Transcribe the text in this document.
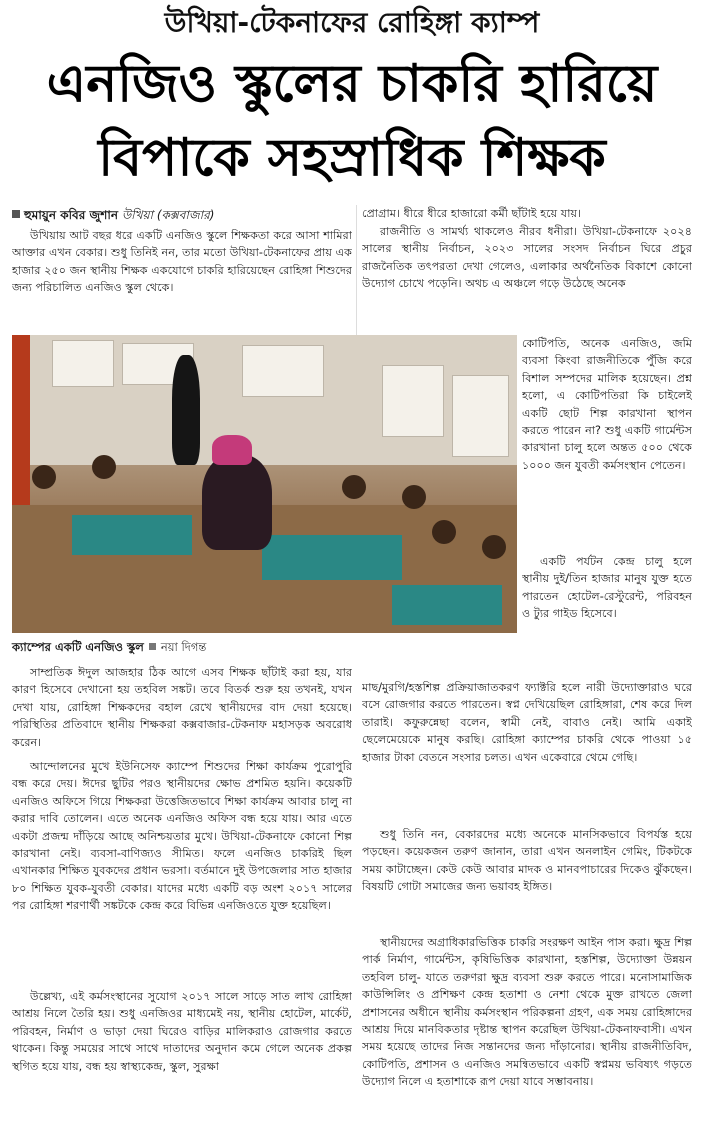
উখিয়া-টেকনাফের রোহিঙ্গা ক্যাম্প
এনজিও স্কুলের চাকরি হারিয়ে
বিপাকে সহস্রাধিক শিক্ষক
হুমায়ুন কবির জুশান উখিয়া (কক্সবাজার)
উখিয়ায় আট বছর ধরে একটি এনজিও স্কুলে শিক্ষকতা করে আসা শামিরা আক্তার এখন বেকার। শুধু তিনিই নন, তার মতো উখিয়া-টেকনাফের প্রায় এক হাজার ২৫০ জন স্থানীয় শিক্ষক একযোগে চাকরি হারিয়েছেন রোহিঙ্গা শিশুদের জন্য পরিচালিত এনজিও স্কুল থেকে।
প্রোগ্রাম। ধীরে ধীরে হাজারো কর্মী ছাঁটাই হয়ে যায়।
রাজনীতি ও সামর্থ্য থাকলেও নীরব ধনীরা। উখিয়া-টেকনাফে ২০২৪ সালের স্থানীয় নির্বাচন, ২০২৩ সালের সংসদ নির্বাচন ঘিরে প্রচুর রাজনৈতিক তৎপরতা দেখা গেলেও, এলাকার অর্থনৈতিক বিকাশে কোনো উদ্যোগ চোখে পড়েনি। অথচ এ অঞ্চলে গড়ে উঠেছে অনেক
কোটিপতি, অনেক এনজিও, জমি ব্যবসা কিংবা রাজনীতিকে পুঁজি করে বিশাল সম্পদের মালিক হয়েছেন। প্রশ্ন হলো, এ কোটিপতিরা কি চাইলেই একটি ছোট শিল্প কারখানা স্থাপন করতে পারেন না? শুধু একটি গার্মেন্টস কারখানা চালু হলে অন্তত ৫০০ থেকে ১০০০ জন যুবতী কর্মসংস্থান পেতেন।
একটি পর্যটন কেন্দ্র চালু হলে স্থানীয় দুই/তিন হাজার মানুষ যুক্ত হতে পারতেন হোটেল-রেস্টুরেন্ট, পরিবহন ও ট্যুর গাইড হিসেবে।
ক্যাম্পের একটি এনজিও স্কুল নয়া দিগন্ত
সাম্প্রতিক ঈদুল আজহার ঠিক আগে এসব শিক্ষক ছাঁটাই করা হয়, যার কারণ হিসেবে দেখানো হয় তহবিল সঙ্কট। তবে বিতর্ক শুরু হয় তখনই, যখন দেখা যায়, রোহিঙ্গা শিক্ষকদের বহাল রেখে স্থানীয়দের বাদ দেয়া হয়েছে। পরিস্থিতির প্রতিবাদে স্থানীয় শিক্ষকরা কক্সবাজার-টেকনাফ মহাসড়ক অবরোধ করেন।
আন্দোলনের মুখে ইউনিসেফ ক্যাম্পে শিশুদের শিক্ষা কার্যক্রম পুরোপুরি বন্ধ করে দেয়। ঈদের ছুটির পরও স্থানীয়দের ক্ষোভ প্রশমিত হয়নি। কয়েকটি এনজিও অফিসে গিয়ে শিক্ষকরা উত্তেজিতভাবে শিক্ষা কার্যক্রম আবার চালু না করার দাবি তোলেন। এতে অনেক এনজিও অফিস বন্ধ হয়ে যায়। আর এতে একটা প্রজন্ম দাঁড়িয়ে আছে অনিশ্চয়তার মুখে। উখিয়া-টেকনাফে কোনো শিল্প কারখানা নেই। ব্যবসা-বাণিজ্যও সীমিত। ফলে এনজিও চাকরিই ছিল এখানকার শিক্ষিত যুবকদের প্রধান ভরসা। বর্তমানে দুই উপজেলার সাত হাজার ৮০ শিক্ষিত যুবক-যুবতী বেকার। যাদের মধ্যে একটি বড় অংশ ২০১৭ সালের পর রোহিঙ্গা শরণার্থী সঙ্কটকে কেন্দ্র করে বিভিন্ন এনজিওতে যুক্ত হয়েছিল।
উল্লেখ্য, এই কর্মসংস্থানের সুযোগ ২০১৭ সালে সাড়ে সাত লাখ রোহিঙ্গা আশ্রয় নিলে তৈরি হয়। শুধু এনজিওর মাধ্যমেই নয়, স্থানীয় হোটেল, মার্কেট, পরিবহন, নির্মাণ ও ভাড়া দেয়া ঘিরেও বাড়ির মালিকরাও রোজগার করতে থাকেন। কিন্তু সময়ের সাথে সাথে দাতাদের অনুদান কমে গেলে অনেক প্রকল্প স্থগিত হয়ে যায়, বন্ধ হয় স্বাস্থ্যকেন্দ্র, স্কুল, সুরক্ষা
মাছ/মুরগি/হস্তশিল্প প্রক্রিয়াজাতকরণ ফ্যাক্টরি হলে নারী উদ্যোক্তারাও ঘরে বসে রোজগার করতে পারতেন। স্বপ্ন দেখিয়েছিল রোহিঙ্গারা, শেষ করে দিল তারাই। কফুরুন্নেছা বলেন, স্বামী নেই, বাবাও নেই। আমি একাই ছেলেমেয়েকে মানুষ করছি। রোহিঙ্গা ক্যাম্পের চাকরি থেকে পাওয়া ১৫ হাজার টাকা বেতনে সংসার চলত। এখন একেবারে থেমে গেছি।
শুধু তিনি নন, বেকারদের মধ্যে অনেকে মানসিকভাবে বিপর্যস্ত হয়ে পড়ছেন। কয়েকজন তরুণ জানান, তারা এখন অনলাইন গেমিং, টিকটকে সময় কাটাচ্ছেন। কেউ কেউ আবার মাদক ও মানবপাচারের দিকেও ঝুঁকছেন। বিষয়টি গোটা সমাজের জন্য ভয়াবহ ইঙ্গিত।
স্থানীয়দের অগ্রাধিকারভিত্তিক চাকরি সংরক্ষণ আইন পাস করা। ক্ষুদ্র শিল্প পার্ক নির্মাণ, গার্মেন্টস, কৃষিভিত্তিক কারখানা, হস্তশিল্প, উদ্যোক্তা উন্নয়ন তহবিল চালু- যাতে তরুণরা ক্ষুদ্র ব্যবসা শুরু করতে পারে। মনোসামাজিক কাউন্সিলিং ও প্রশিক্ষণ কেন্দ্র হতাশা ও নেশা থেকে মুক্ত রাখতে জেলা প্রশাসনের অধীনে স্থানীয় কর্মসংস্থান পরিকল্পনা গ্রহণ, এক সময় রোহিঙ্গাদের আশ্রয় দিয়ে মানবিকতার দৃষ্টান্ত স্থাপন করেছিল উখিয়া-টেকনাফবাসী। এখন সময় হয়েছে তাদের নিজ সন্তানদের জন্য দাঁড়ানোর। স্থানীয় রাজনীতিবিদ, কোটিপতি, প্রশাসন ও এনজিও সমন্বিতভাবে একটি স্বপ্নময় ভবিষ্যৎ গড়তে উদ্যোগ নিলে এ হতাশাকে রূপ দেয়া যাবে সম্ভাবনায়।
